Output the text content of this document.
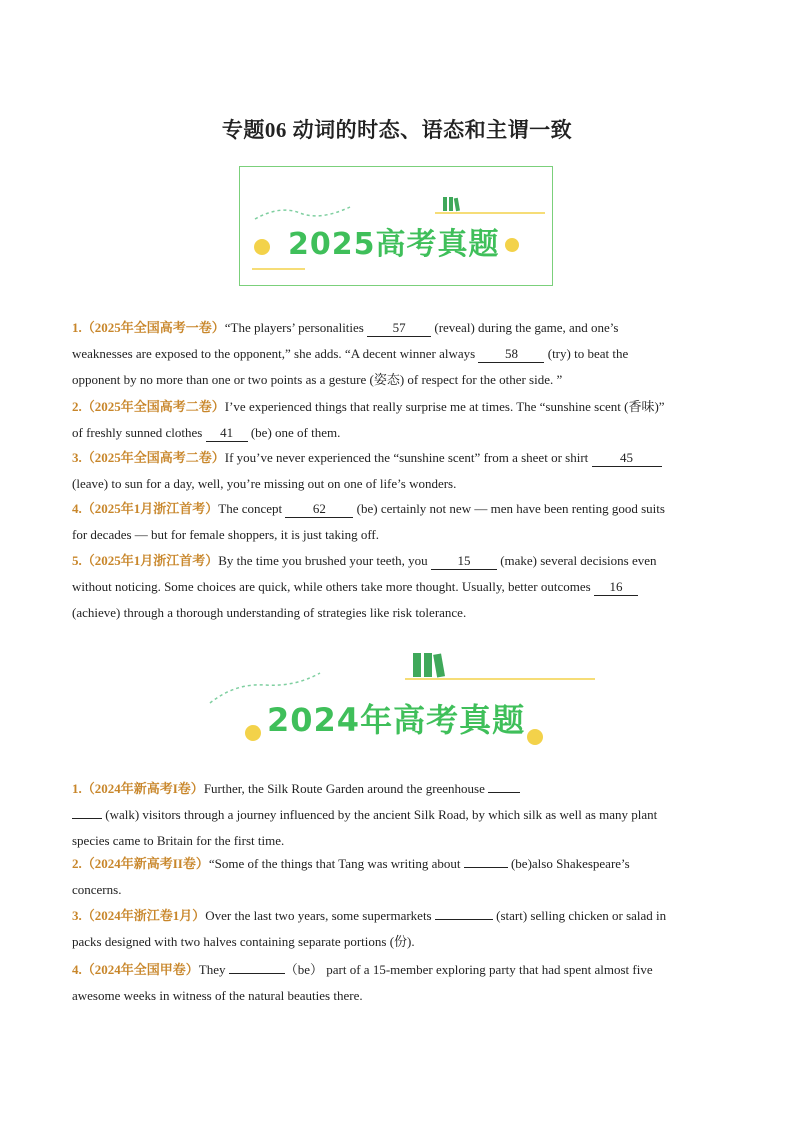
专题06 动词的时态、语态和主谓一致
2025高考真题
1.（2025年全国高考一卷）“The players’ personalities 57 (reveal) during the game, and one’s
weaknesses are exposed to the opponent,” she adds. “A decent winner always 58 (try) to beat the
opponent by no more than one or two points as a gesture (姿态) of respect for the other side. ”
2.（2025年全国高考二卷）I’ve experienced things that really surprise me at times. The “sunshine scent (香味)”
of freshly sunned clothes 41 (be) one of them.
3.（2025年全国高考二卷）If you’ve never experienced the “sunshine scent” from a sheet or shirt 45
(leave) to sun for a day, well, you’re missing out on one of life’s wonders.
4.（2025年1月浙江首考）The concept 62 (be) certainly not new — men have been renting good suits
for decades — but for female shoppers, it is just taking off.
5.（2025年1月浙江首考）By the time you brushed your teeth, you 15 (make) several decisions even
without noticing. Some choices are quick, while others take more thought. Usually, better outcomes 16
(achieve) through a thorough understanding of strategies like risk tolerance.
2024年高考真题
1.（2024年新高考I卷）Further, the Silk Route Garden around the greenhouse
(walk) visitors through a journey influenced by the ancient Silk Road, by which silk as well as many plant
species came to Britain for the first time.
2.（2024年新高考II卷）“Some of the things that Tang was writing about	(be)also Shakespeare’s
concerns.
3.（2024年浙江卷1月）Over the last two years, some supermarkets	(start) selling chicken or salad in
packs designed with two halves containing separate portions (份).
4.（2024年全国甲卷）They	（be） part of a 15-member exploring party that had spent almost five
awesome weeks in witness of the natural beauties there.
